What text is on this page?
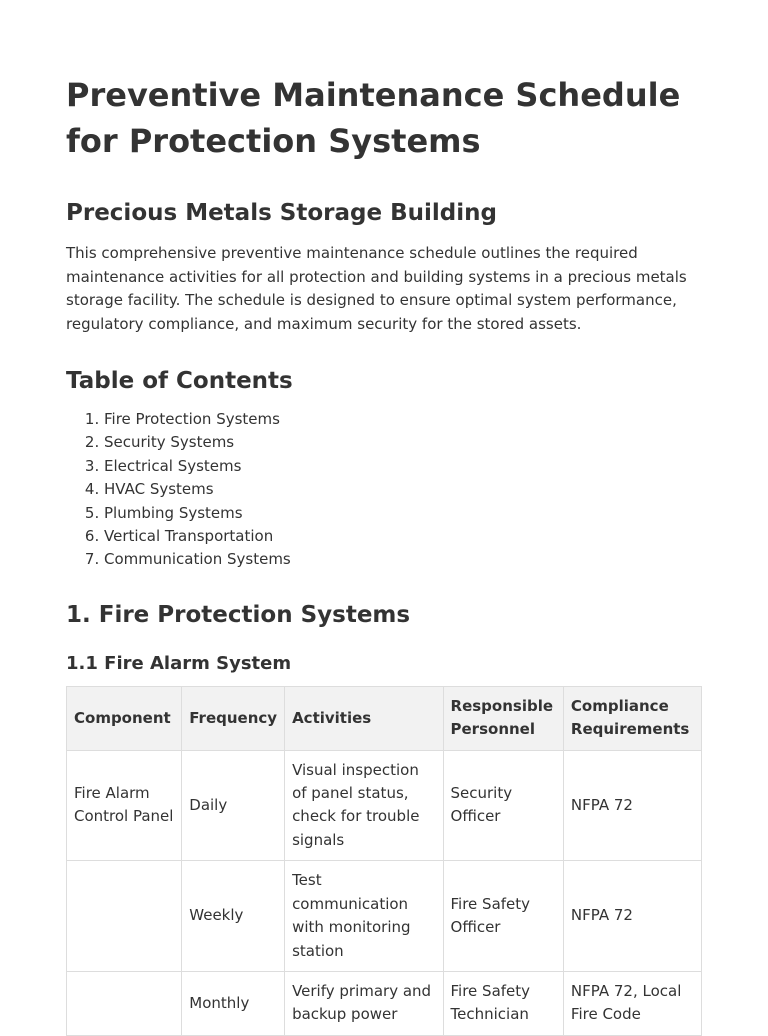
Preventive Maintenance Schedule for Protection Systems
Precious Metals Storage Building

This comprehensive preventive maintenance schedule outlines the required maintenance activities for all protection and building systems in a precious metals storage facility. The schedule is designed to ensure optimal system performance, regulatory compliance, and maximum security for the stored assets.

Table of Contents
1. Fire Protection Systems
2. Security Systems
3. Electrical Systems
4. HVAC Systems
5. Plumbing Systems
6. Vertical Transportation
7. Communication Systems
1. Fire Protection Systems
1.1 Fire Alarm System
Component	Frequency	Activities	Responsible Personnel	Compliance Requirements
Fire Alarm Control Panel	Daily	Visual inspection of panel status, check for trouble signals	Security Officer	NFPA 72
	Weekly	Test communication with monitoring station	Fire Safety Officer	NFPA 72
	Monthly	Verify primary and backup power	Fire Safety Technician	NFPA 72, Local Fire Code
